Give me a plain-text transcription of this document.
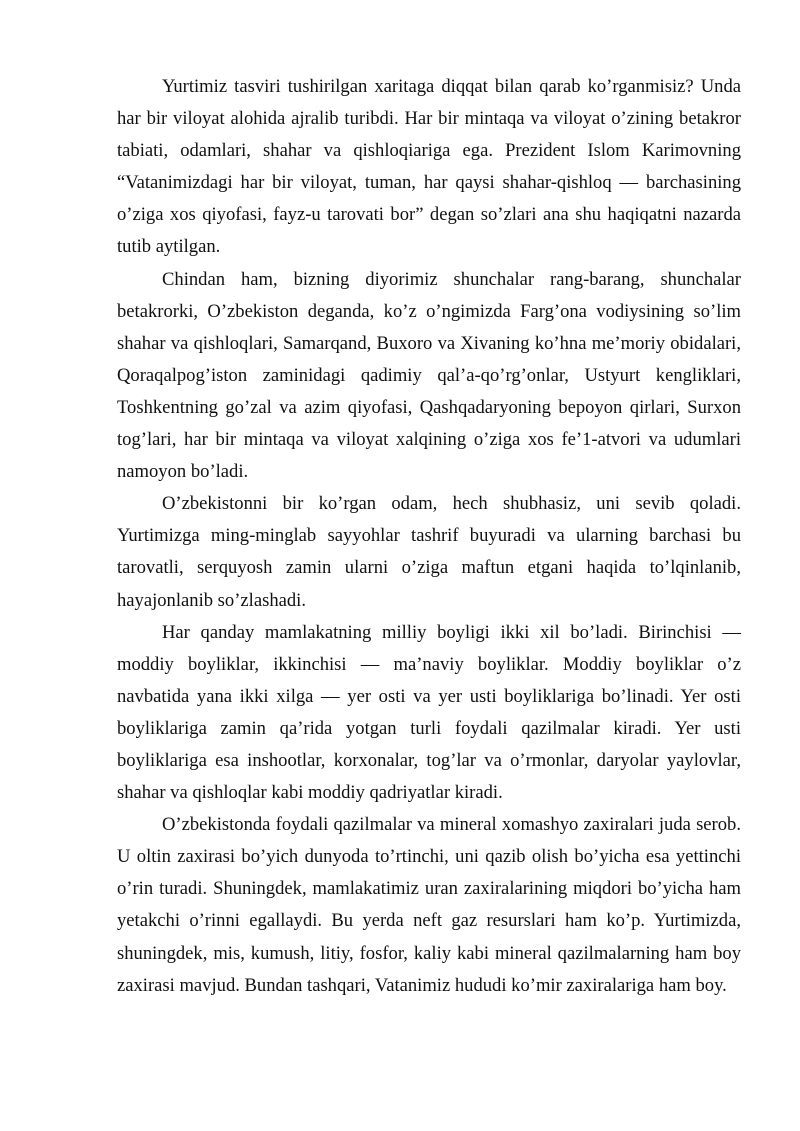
Yurtimiz tasviri tushirilgan xaritaga diqqat bilan qarab ko’rganmisiz? Unda har bir viloyat alohida ajralib turibdi. Har bir mintaqa va viloyat o’zining betakror tabiati, odamlari, shahar va qishloqiariga ega. Prezident Islom Karimovning “Vatanimizdagi har bir viloyat, tuman, har qaysi shahar-qishloq — barchasining o’ziga xos qiyofasi, fayz-u tarovati bor” degan so’zlari ana shu haqiqatni nazarda tutib aytilgan.

Chindan ham, bizning diyorimiz shunchalar rang-barang, shunchalar betakrorki, O’zbekiston deganda, ko’z o’ngimizda Farg’ona vodiysining so’lim shahar va qishloqlari, Samarqand, Buxoro va Xivaning ko’hna me’moriy obidalari, Qoraqalpog’iston zaminidagi qadimiy qal’a-qo’rg’onlar, Ustyurt kengliklari, Toshkentning go’zal va azim qiyofasi, Qashqadaryoning bepoyon qirlari, Surxon tog’lari, har bir mintaqa va viloyat xalqining o’ziga xos fe’1-atvori va udumlari namoyon bo’ladi.

O’zbekistonni bir ko’rgan odam, hech shubhasiz, uni sevib qoladi. Yurtimizga ming-minglab sayyohlar tashrif buyuradi va ularning barchasi bu tarovatli, serquyosh zamin ularni o’ziga maftun etgani haqida to’lqinlanib, hayajonlanib so’zlashadi.

Har qanday mamlakatning milliy boyligi ikki xil bo’ladi. Birinchisi — moddiy boyliklar, ikkinchisi — ma’naviy boyliklar. Moddiy boyliklar o’z navbatida yana ikki xilga — yer osti va yer usti boyliklariga bo’linadi. Yer osti boyliklariga zamin qa’rida yotgan turli foydali qazilmalar kiradi. Yer usti boyliklariga esa inshootlar, korxonalar, tog’lar va o’rmonlar, daryolar yaylovlar, shahar va qishloqlar kabi moddiy qadriyatlar kiradi.

O’zbekistonda foydali qazilmalar va mineral xomashyo zaxiralari juda serob. U oltin zaxirasi bo’yich dunyoda to’rtinchi, uni qazib olish bo’yicha esa yettinchi o’rin turadi. Shuningdek, mamlakatimiz uran zaxiralarining miqdori bo’yicha ham yetakchi o’rinni egallaydi. Bu yerda neft gaz resurslari ham ko’p. Yurtimizda, shuningdek, mis, kumush, litiy, fosfor, kaliy kabi mineral qazilmalarning ham boy zaxirasi mavjud. Bundan tashqari, Vatanimiz hududi ko’mir zaxiralariga ham boy.
